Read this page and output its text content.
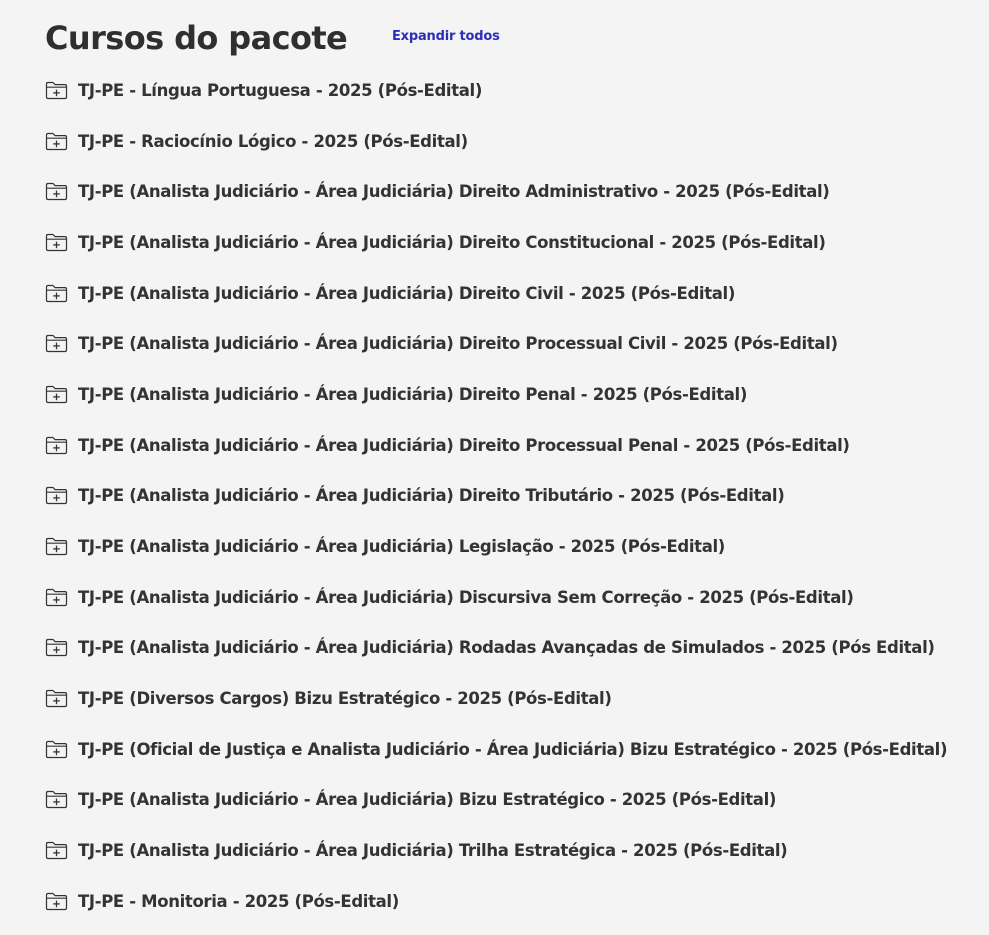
Cursos do pacote	Expandir todos
TJ-PE - Língua Portuguesa - 2025 (Pós-Edital)
TJ-PE - Raciocínio Lógico - 2025 (Pós-Edital)
TJ-PE (Analista Judiciário - Área Judiciária) Direito Administrativo - 2025 (Pós-Edital)
TJ-PE (Analista Judiciário - Área Judiciária) Direito Constitucional - 2025 (Pós-Edital)
TJ-PE (Analista Judiciário - Área Judiciária) Direito Civil - 2025 (Pós-Edital)
TJ-PE (Analista Judiciário - Área Judiciária) Direito Processual Civil - 2025 (Pós-Edital)
TJ-PE (Analista Judiciário - Área Judiciária) Direito Penal - 2025 (Pós-Edital)
TJ-PE (Analista Judiciário - Área Judiciária) Direito Processual Penal - 2025 (Pós-Edital)
TJ-PE (Analista Judiciário - Área Judiciária) Direito Tributário - 2025 (Pós-Edital)
TJ-PE (Analista Judiciário - Área Judiciária) Legislação - 2025 (Pós-Edital)
TJ-PE (Analista Judiciário - Área Judiciária) Discursiva Sem Correção - 2025 (Pós-Edital)
TJ-PE (Analista Judiciário - Área Judiciária) Rodadas Avançadas de Simulados - 2025 (Pós Edital)
TJ-PE (Diversos Cargos) Bizu Estratégico - 2025 (Pós-Edital)
TJ-PE (Oficial de Justiça e Analista Judiciário - Área Judiciária) Bizu Estratégico - 2025 (Pós-Edital)
TJ-PE (Analista Judiciário - Área Judiciária) Bizu Estratégico - 2025 (Pós-Edital)
TJ-PE (Analista Judiciário - Área Judiciária) Trilha Estratégica - 2025 (Pós-Edital)
TJ-PE - Monitoria - 2025 (Pós-Edital)
